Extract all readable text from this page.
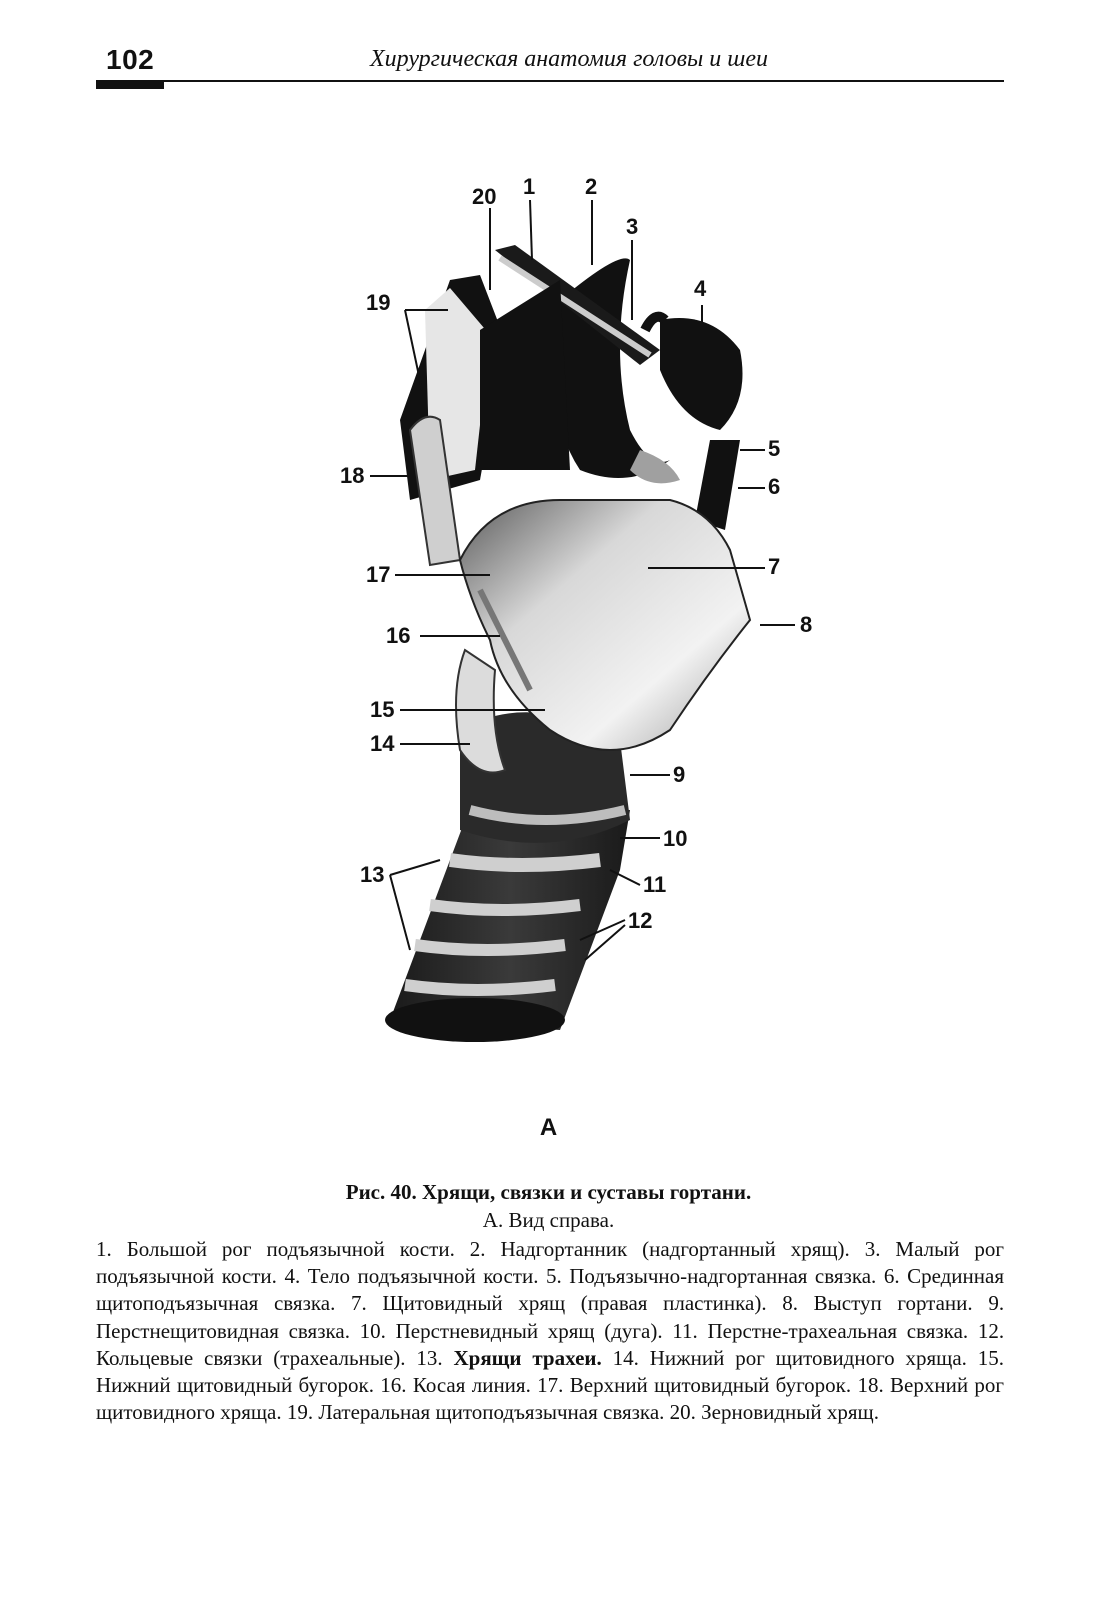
102	Хирургическая анатомия головы и шеи
1 2
3
4
5
6
7
8
9
10
11
12
13
14
15
16
17
18
19
20
А
Рис. 40. Хрящи, связки и суставы гортани.
А. Вид справа.
1. Большой рог подъязычной кости. 2. Надгортанник (надгортанный хрящ). 3. Малый рог подъязычной кости. 4. Тело подъязычной кости. 5. Подъязычно-надгортанная связка. 6. Срединная щитоподъязычная связка. 7. Щитовидный хрящ (правая пластинка). 8. Выступ гортани. 9. Перстнещитовидная связка. 10. Перстневидный хрящ (дуга). 11. Перстне-трахеальная связка. 12. Кольцевые связки (трахеальные). 13. Хрящи трахеи. 14. Нижний рог щитовидного хряща. 15. Нижний щитовидный бугорок. 16. Косая линия. 17. Верхний щитовидный бугорок. 18. Верхний рог щитовидного хряща. 19. Латеральная щитоподъязычная связка. 20. Зерновидный хрящ.
